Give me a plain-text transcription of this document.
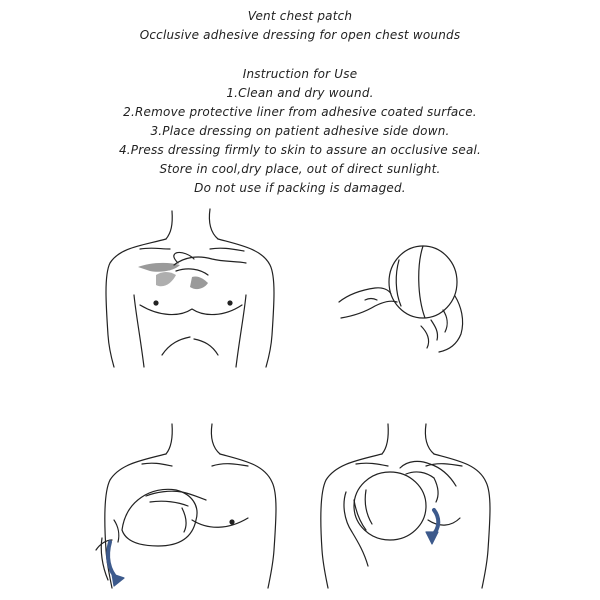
Vent chest patch
Occlusive adhesive dressing for open chest wounds
Instruction for Use
1.Clean and dry wound.
2.Remove protective liner from adhesive coated surface.
3.Place dressing on patient adhesive side down.
4.Press dressing firmly to skin to assure an occlusive seal.
Store in cool,dry place, out of direct sunlight.
Do not use if packing is damaged.
